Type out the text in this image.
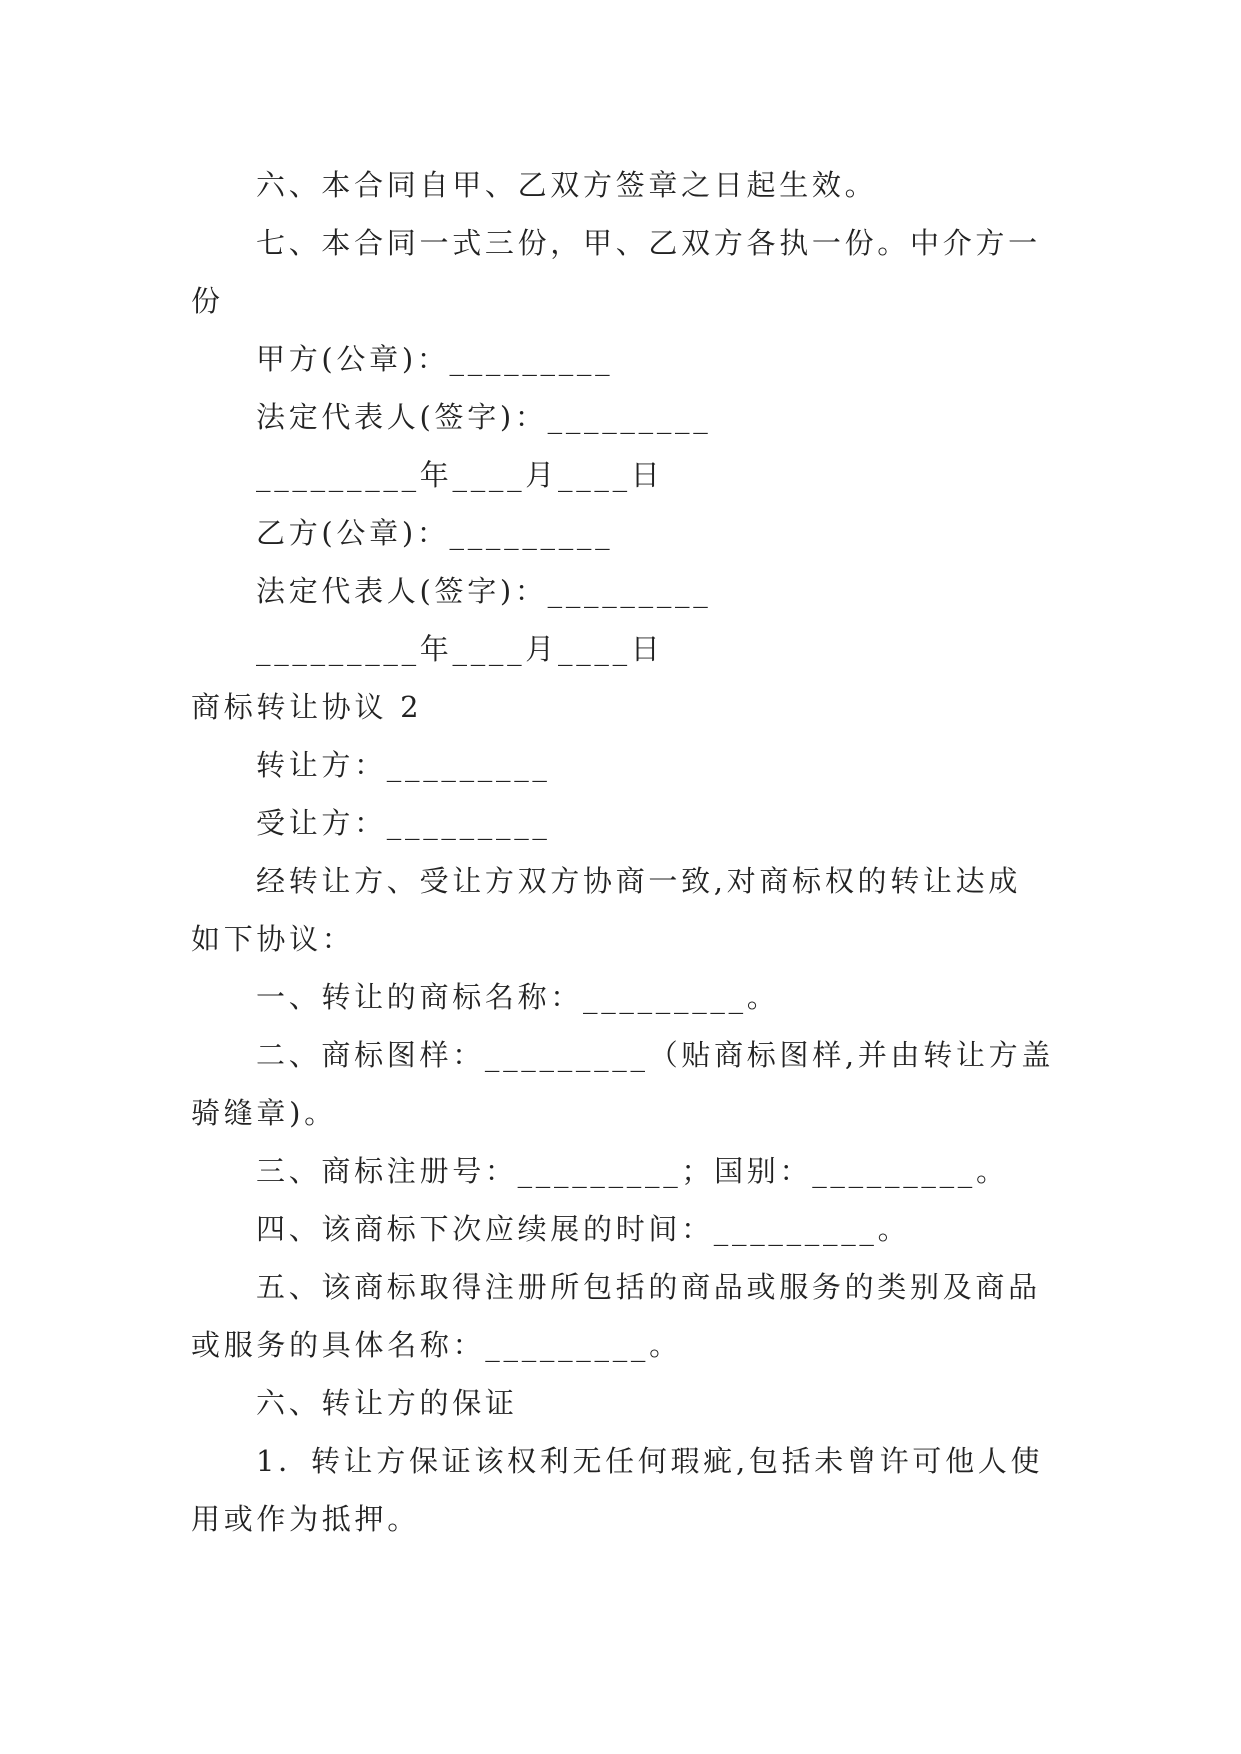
六、本合同自甲、乙双方签章之日起生效。
七、本合同一式三份，甲、乙双方各执一份。中介方一
份
甲方(公章)：_________
法定代表人(签字)：_________
_________年____月____日
乙方(公章)：_________
法定代表人(签字)：_________
_________年____月____日
商标转让协议 2
转让方：_________
受让方：_________
经转让方、受让方双方协商一致,对商标权的转让达成
如下协议：
一、转让的商标名称：_________。
二、商标图样：_________（贴商标图样,并由转让方盖
骑缝章)。
三、商标注册号：_________；国别：_________。
四、该商标下次应续展的时间：_________。
五、该商标取得注册所包括的商品或服务的类别及商品
或服务的具体名称：_________。
六、转让方的保证
1．转让方保证该权利无任何瑕疵,包括未曾许可他人使
用或作为抵押。
